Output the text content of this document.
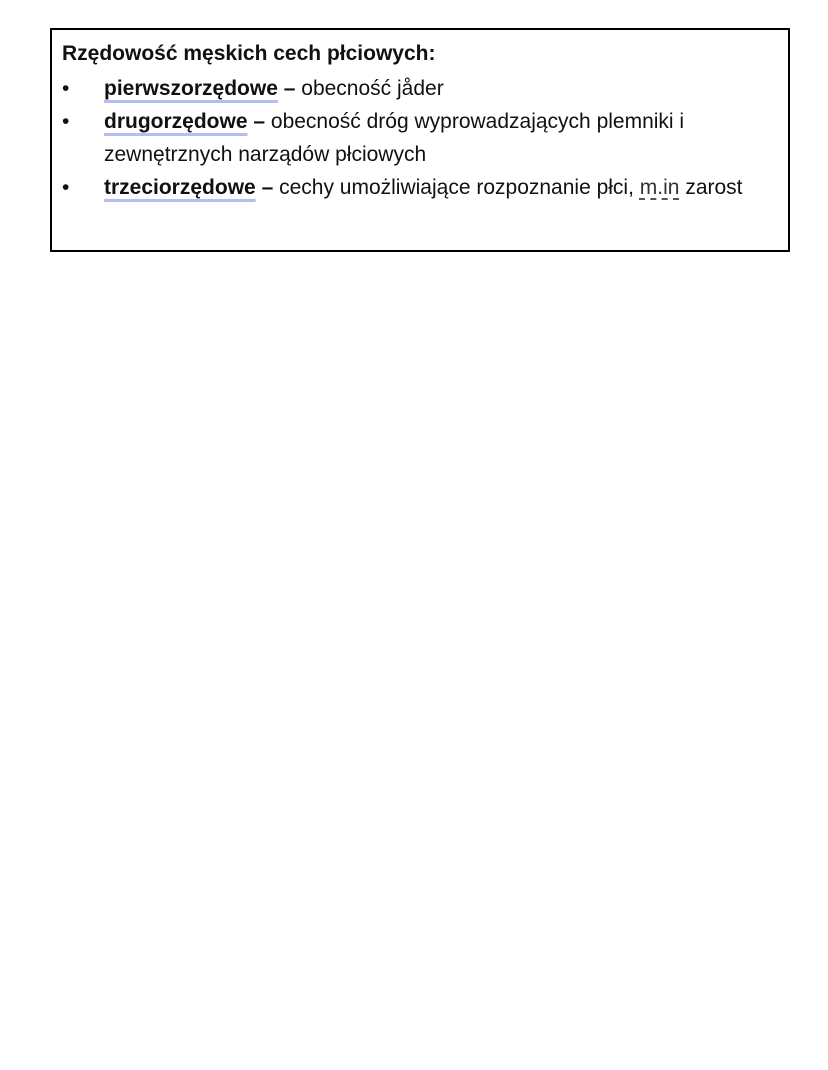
Rzędowość męskich cech płciowych:
•	pierwszorzędowe – obecność jåder
•	drugorzędowe – obecność dróg wyprowadzających plemniki i zewnętrznych narządów płciowych
•	trzeciorzędowe – cechy umożliwiające rozpoznanie płci, m.in zarost
